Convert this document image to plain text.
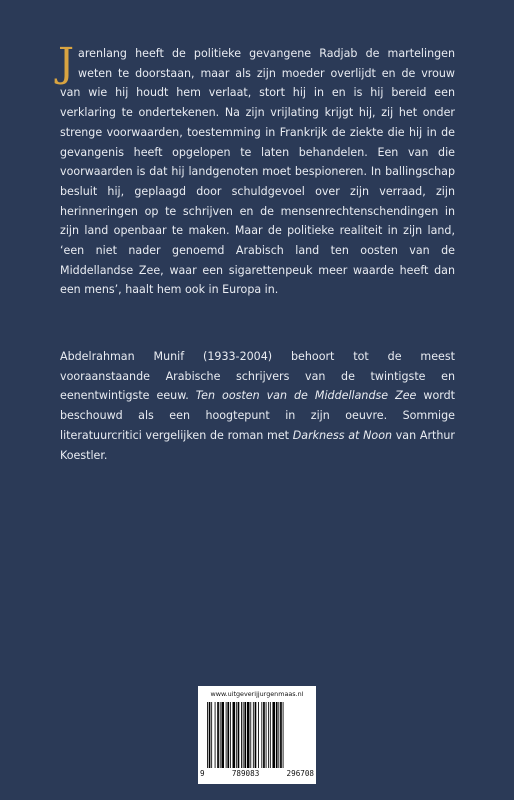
Jarenlang heeft de politieke gevangene Radjab de martelingen weten te doorstaan, maar als zijn moeder overlijdt en de vrouw van wie hij houdt hem verlaat, stort hij in en is hij bereid een verklaring te ondertekenen. Na zijn vrijlating krijgt hij, zij het onder strenge voorwaarden, toestemming in Frankrijk de ziekte die hij in de gevangenis heeft opgelopen te laten behandelen. Een van die voorwaarden is dat hij landgenoten moet bespioneren. In ballingschap besluit hij, geplaagd door schuldgevoel over zijn verraad, zijn herinneringen op te schrijven en de mensenrechtenschendingen in zijn land openbaar te maken. Maar de politieke realiteit in zijn land, ‘een niet nader genoemd Arabisch land ten oosten van de Middellandse Zee, waar een sigarettenpeuk meer waarde heeft dan een mens’, haalt hem ook in Europa in.

Abdelrahman Munif (1933-2004) behoort tot de meest vooraanstaande Arabische schrijvers van de twintigste en eenentwintigste eeuw. Ten oosten van de Middellandse Zee wordt beschouwd als een hoogtepunt in zijn oeuvre. Sommige literatuurcritici vergelijken de roman met Darkness at Noon van Arthur Koestler.

www.uitgeverijjurgenmaas.nl
9	789083	296708
